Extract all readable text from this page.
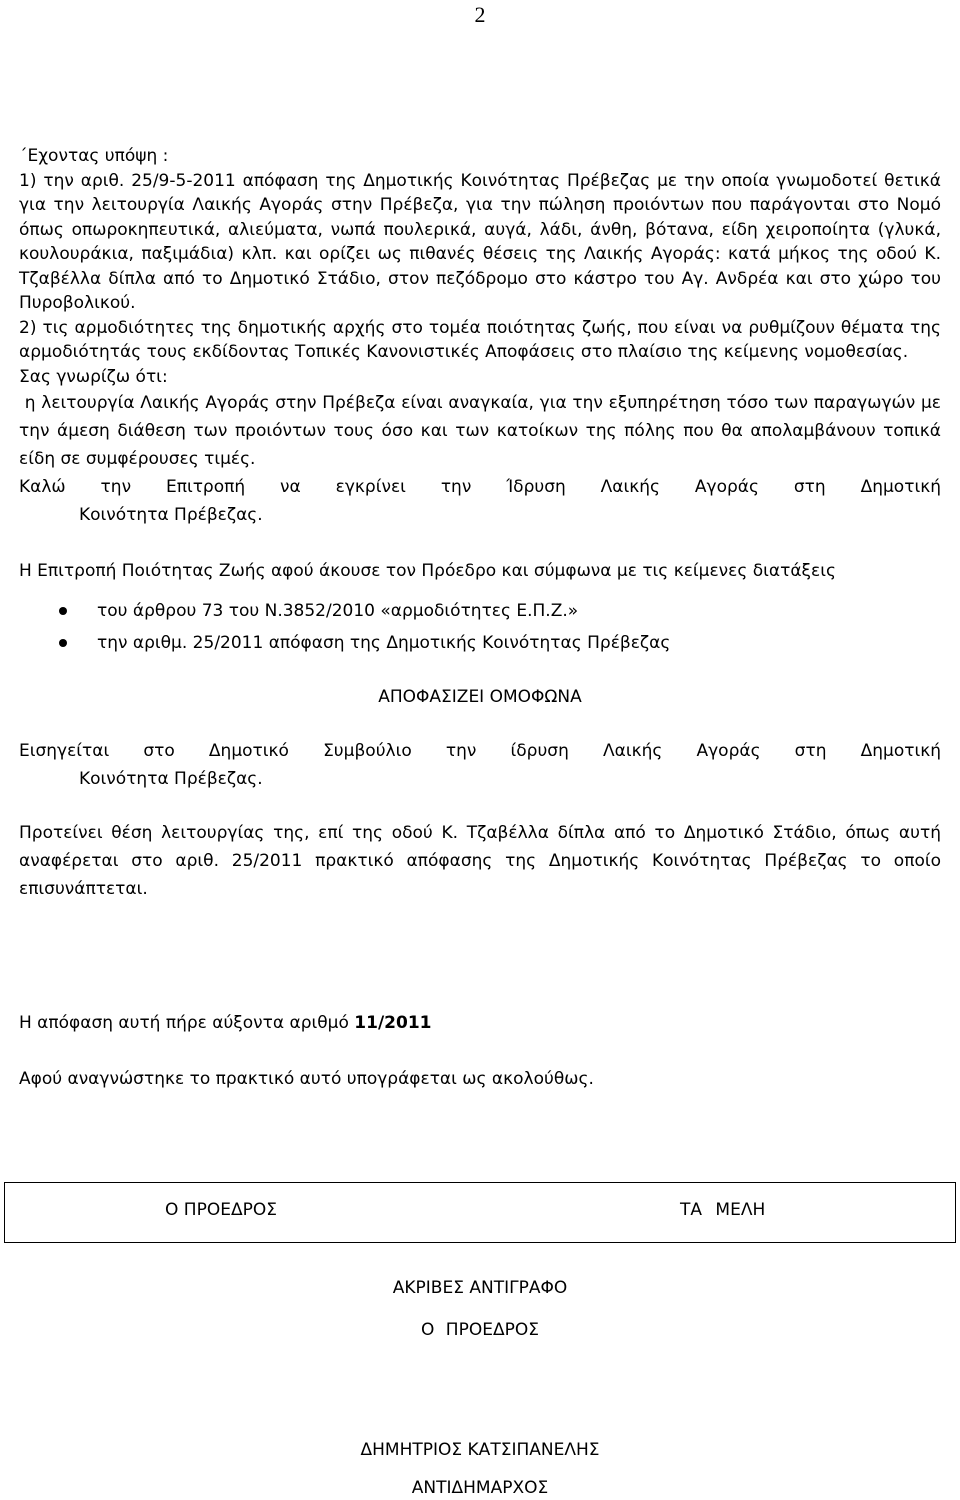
2

΄Εχοντας υπόψη :

1) την αριθ. 25/9-5-2011 απόφαση της Δημοτικής Κοινότητας Πρέβεζας με την οποία γνωμοδοτεί θετικά για την λειτουργία Λαικής Αγοράς στην Πρέβεζα, για την πώληση προιόντων που παράγονται στο Νομό όπως οπωροκηπευτικά, αλιεύματα, νωπά πουλερικά, αυγά, λάδι, άνθη, βότανα, είδη χειροποίητα (γλυκά, κουλουράκια, παξιμάδια) κλπ. και ορίζει ως πιθανές θέσεις της Λαικής Αγοράς: κατά μήκος της οδού Κ. Τζαβέλλα δίπλα από το Δημοτικό Στάδιο, στον πεζόδρομο στο κάστρο του Αγ. Ανδρέα και στο χώρο του Πυροβολικού.

2) τις αρμοδιότητες της δημοτικής αρχής στο τομέα ποιότητας ζωής, που είναι να ρυθμίζουν θέματα της αρμοδιότητάς τους εκδίδοντας Τοπικές Κανονιστικές Αποφάσεις στο πλαίσιο της κείμενης νομοθεσίας.

Σας γνωρίζω ότι:

η λειτουργία Λαικής Αγοράς στην Πρέβεζα είναι αναγκαία, για την εξυπηρέτηση τόσο των παραγωγών με την άμεση διάθεση των προιόντων τους όσο και των κατοίκων της πόλης που θα απολαμβάνουν τοπικά είδη σε συμφέρουσες τιμές.

Καλώ την Επιτροπή να εγκρίνει την Ίδρυση Λαικής Αγοράς στη Δημοτική

Κοινότητα Πρέβεζας.

Η Επιτροπή Ποιότητας Ζωής αφού άκουσε τον Πρόεδρο και σύμφωνα με τις κείμενες διατάξεις

του άρθρου 73 του Ν.3852/2010 «αρμοδιότητες Ε.Π.Ζ.»
την αριθμ. 25/2011 απόφαση της Δημοτικής Κοινότητας Πρέβεζας

ΑΠΟΦΑΣΙΖΕΙ ΟΜΟΦΩΝΑ

Εισηγείται στο Δημοτικό Συμβούλιο την ίδρυση Λαικής Αγοράς στη Δημοτική

Κοινότητα Πρέβεζας.

Προτείνει θέση λειτουργίας της, επί της οδού Κ. Τζαβέλλα δίπλα από το Δημοτικό Στάδιο, όπως αυτή αναφέρεται στο αριθ. 25/2011 πρακτικό απόφασης της Δημοτικής Κοινότητας Πρέβεζας το οποίο επισυνάπτεται.

Η απόφαση αυτή πήρε αύξοντα αριθμό 11/2011

Αφού αναγνώστηκε το πρακτικό αυτό υπογράφεται ως ακολούθως.

Ο ΠΡΟΕΔΡΟΣ	ΤΑ ΜΕΛΗ
ΑΚΡΙΒΕΣ ΑΝΤΙΓΡΑΦΟ
Ο ΠΡΟΕΔΡΟΣ
ΔΗΜΗΤΡΙΟΣ ΚΑΤΣΙΠΑΝΕΛΗΣ
ΑΝΤΙΔΗΜΑΡΧΟΣ
